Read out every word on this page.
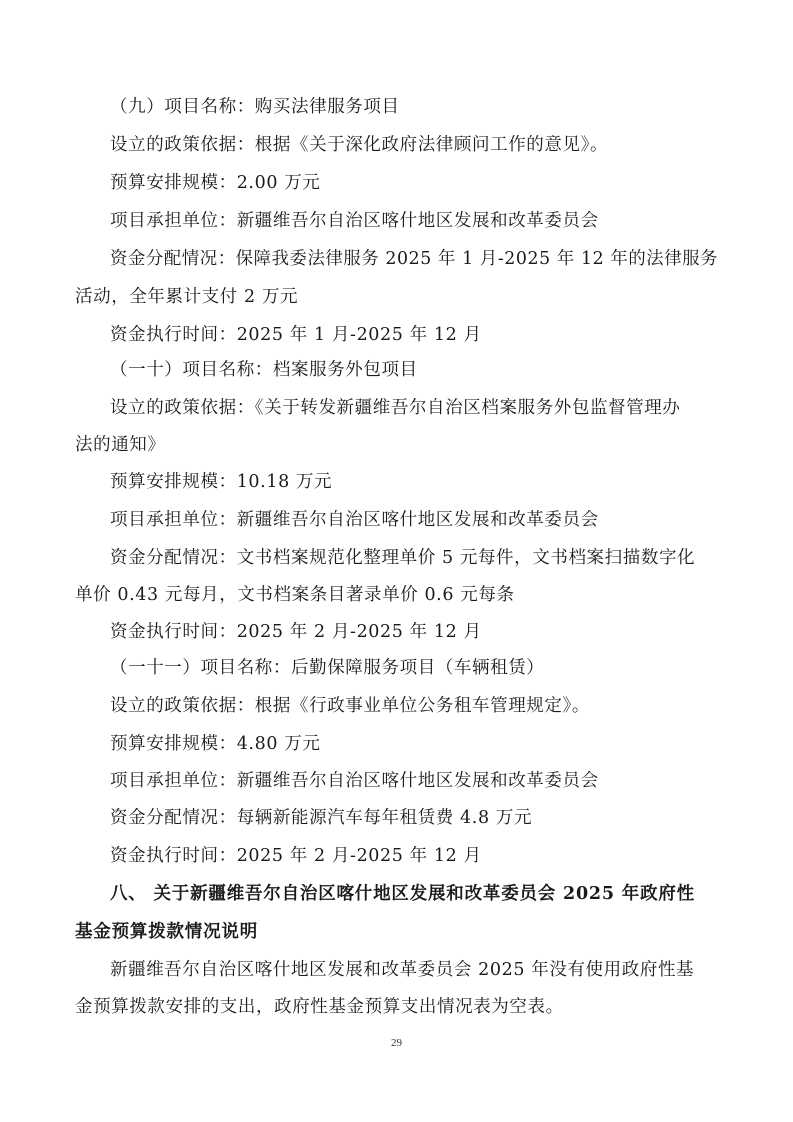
（九）项目名称：购买法律服务项目
设立的政策依据：根据《关于深化政府法律顾问工作的意见》。
预算安排规模：2.00 万元
项目承担单位：新疆维吾尔自治区喀什地区发展和改革委员会
资金分配情况：保障我委法律服务 2025 年 1 月-2025 年 12 年的法律服务
活动，全年累计支付 2 万元
资金执行时间：2025 年 1 月-2025 年 12 月
（一十）项目名称：档案服务外包项目
设立的政策依据：《关于转发新疆维吾尔自治区档案服务外包监督管理办
法的通知》
预算安排规模：10.18 万元
项目承担单位：新疆维吾尔自治区喀什地区发展和改革委员会
资金分配情况：文书档案规范化整理单价 5 元每件，文书档案扫描数字化
单价 0.43 元每月，文书档案条目著录单价 0.6 元每条
资金执行时间：2025 年 2 月-2025 年 12 月
（一十一）项目名称：后勤保障服务项目（车辆租赁）
设立的政策依据：根据《行政事业单位公务租车管理规定》。
预算安排规模：4.80 万元
项目承担单位：新疆维吾尔自治区喀什地区发展和改革委员会
资金分配情况：每辆新能源汽车每年租赁费 4.8 万元
资金执行时间：2025 年 2 月-2025 年 12 月
八、 关于新疆维吾尔自治区喀什地区发展和改革委员会 2025 年政府性
基金预算拨款情况说明
新疆维吾尔自治区喀什地区发展和改革委员会 2025 年没有使用政府性基
金预算拨款安排的支出，政府性基金预算支出情况表为空表。
29
